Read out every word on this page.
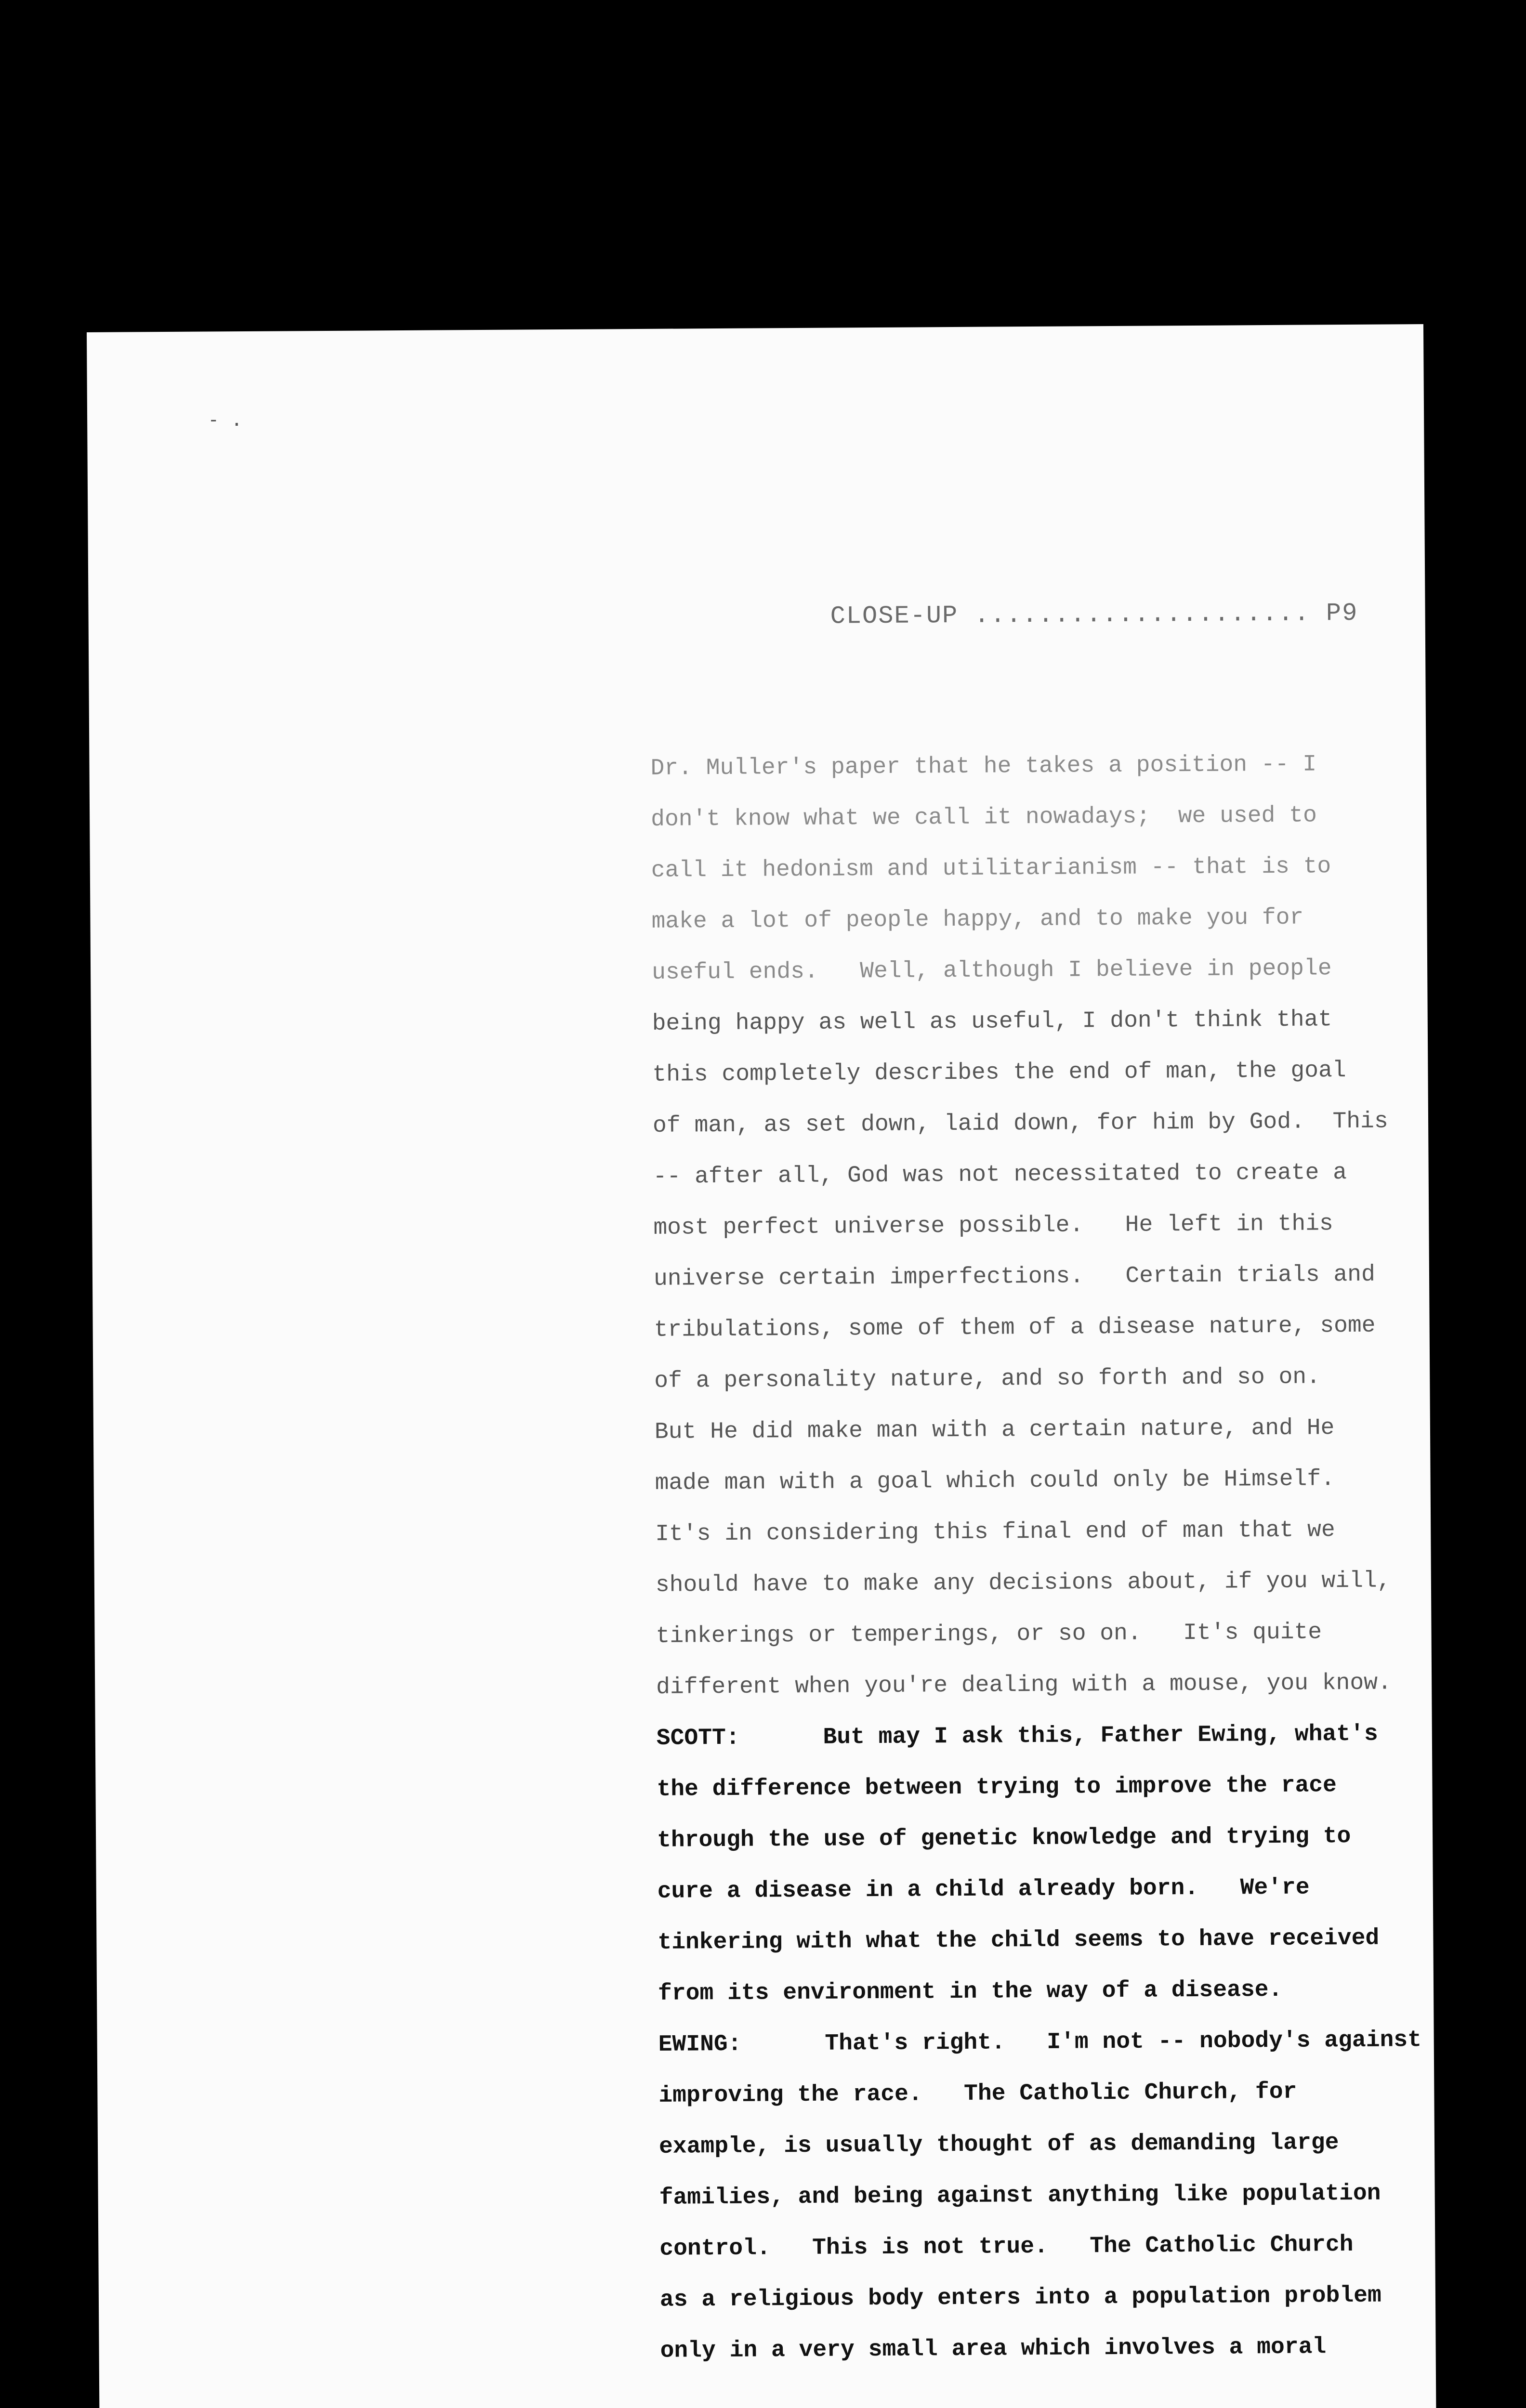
- .
CLOSE-UP ..................... P9
Dr. Muller's paper that he takes a position -- I
don't know what we call it nowadays;  we used to
call it hedonism and utilitarianism -- that is to
make a lot of people happy, and to make you for
useful ends.   Well, although I believe in people
being happy as well as useful, I don't think that
this completely describes the end of man, the goal
of man, as set down, laid down, for him by God.  This
-- after all, God was not necessitated to create a
most perfect universe possible.   He left in this
universe certain imperfections.   Certain trials and
tribulations, some of them of a disease nature, some
of a personality nature, and so forth and so on.
But He did make man with a certain nature, and He
made man with a goal which could only be Himself.
It's in considering this final end of man that we
should have to make any decisions about, if you will,
tinkerings or temperings, or so on.   It's quite
different when you're dealing with a mouse, you know.
SCOTT:      But may I ask this, Father Ewing, what's
the difference between trying to improve the race
through the use of genetic knowledge and trying to
cure a disease in a child already born.   We're
tinkering with what the child seems to have received
from its environment in the way of a disease.
EWING:      That's right.   I'm not -- nobody's against
improving the race.   The Catholic Church, for
example, is usually thought of as demanding large
families, and being against anything like population
control.   This is not true.   The Catholic Church
as a religious body enters into a population problem
only in a very small area which involves a moral
